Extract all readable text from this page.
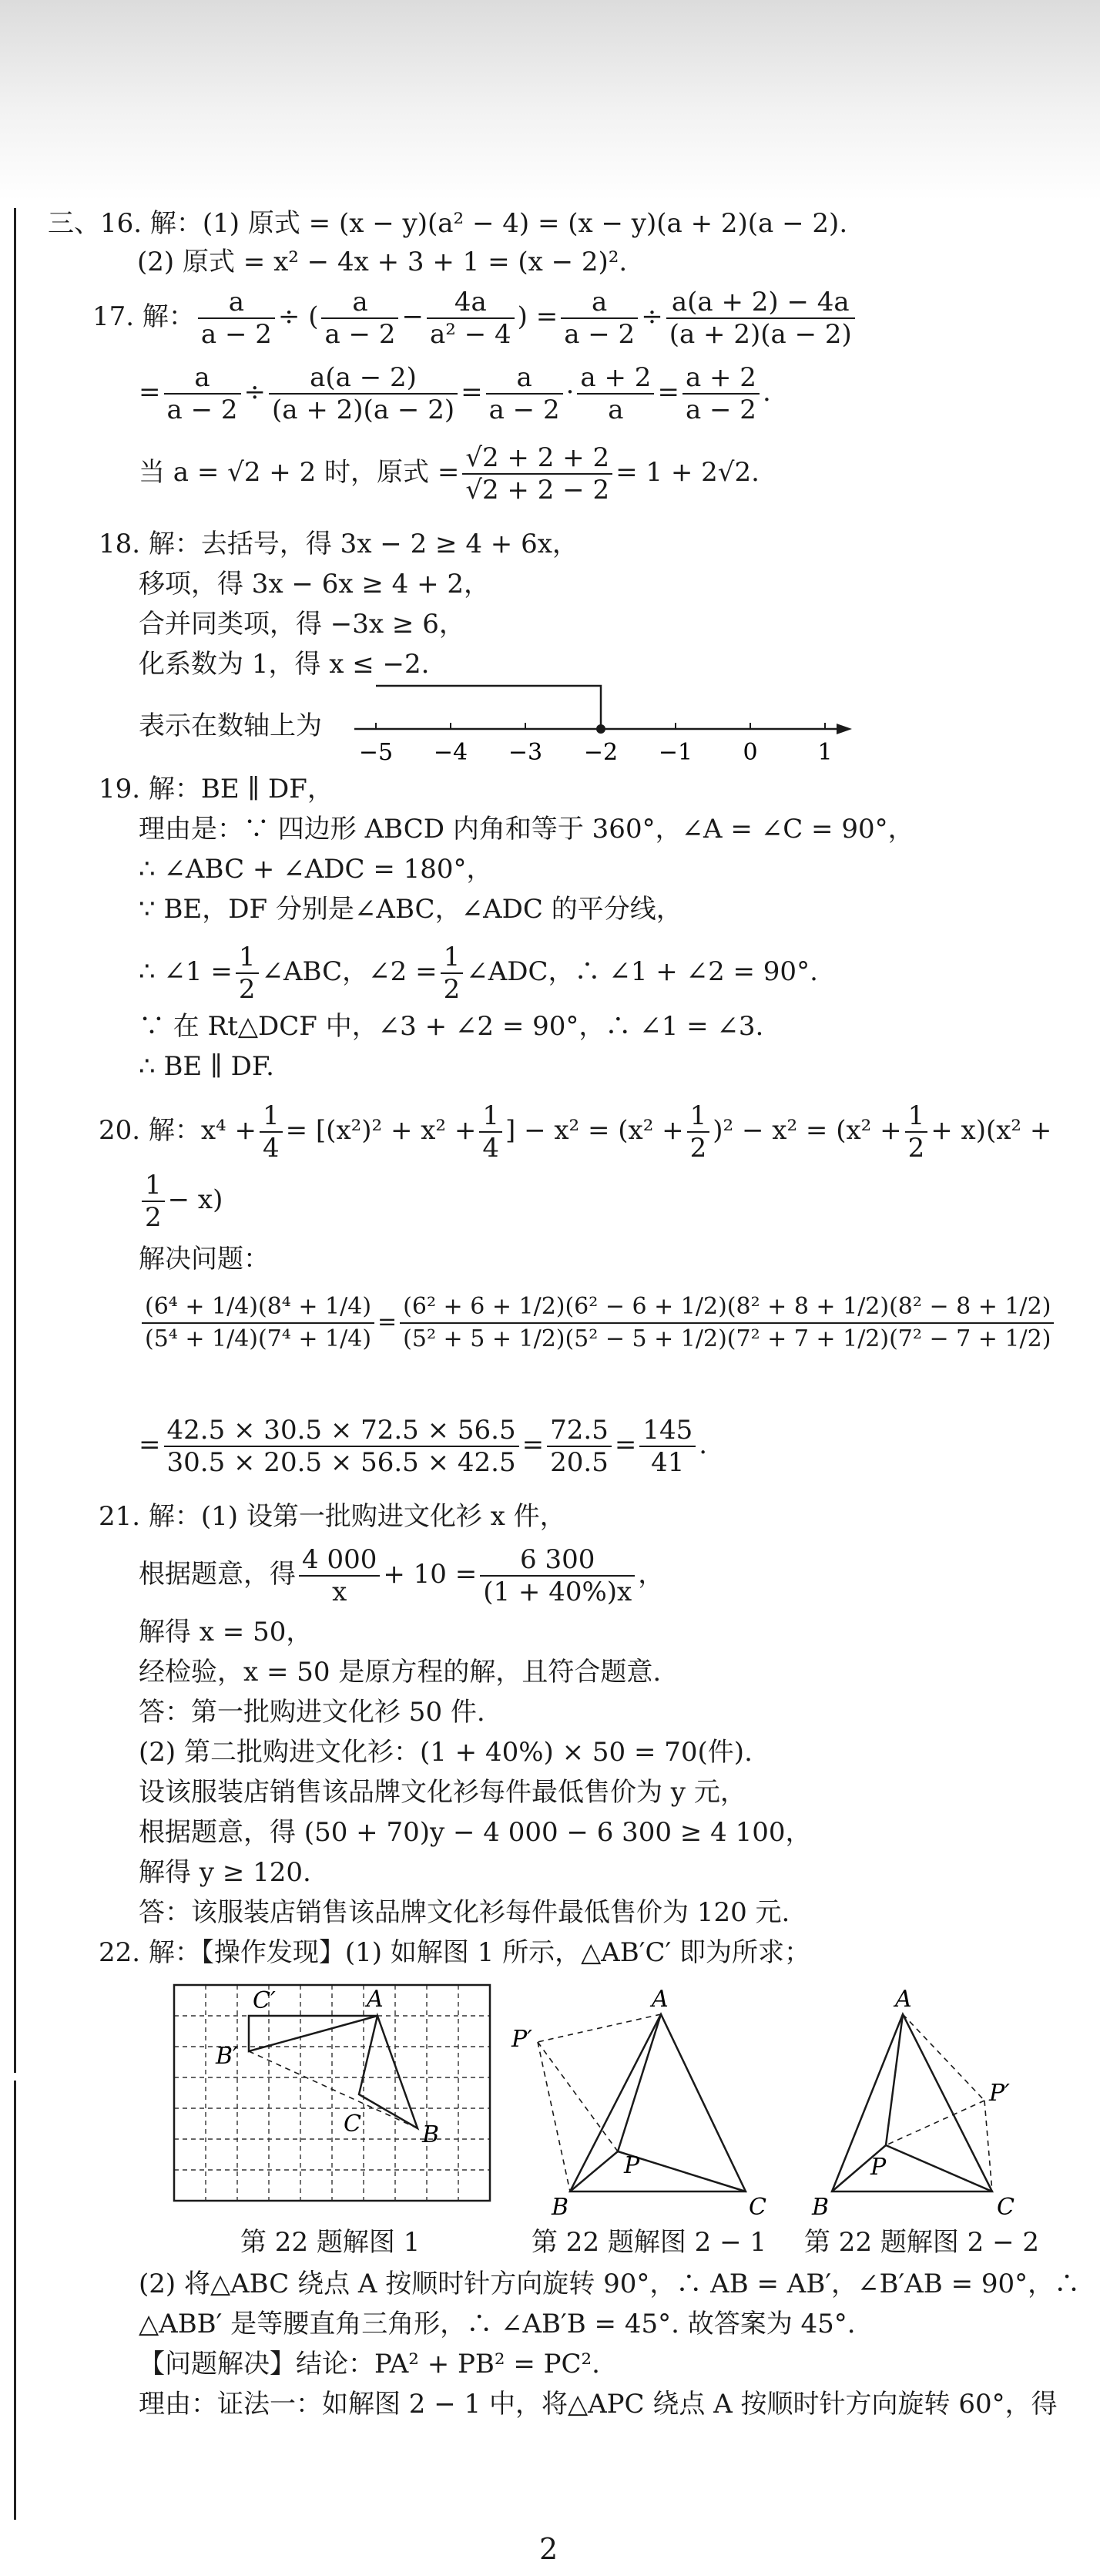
三、16. 解：(1) 原式 = (x − y)(a² − 4) = (x − y)(a + 2)(a − 2).
(2) 原式 = x² − 4x + 3 + 1 = (x − 2)².
17. 解： $\frac{a}{a - 2}$ ÷ ( $\frac{a}{a - 2} - \frac{4a}{\text{a² − 4}}$ ) = $\frac{a}{a - 2} \div \frac{a(a + 2) - 4a}{(a + 2)(a - 2)}$
= $\frac{a}{a - 2} \div \frac{a(a - 2)}{(a + 2)(a - 2)} = \frac{a}{a - 2} \cdot \frac{a + 2}{a} = \frac{a + 2}{a - 2}$ .
当 a = √2 + 2 时，原式 = $\frac{√2 + 2 + 2}{√2 + 2 - 2} = 1 + 2√2$.
18. 解：去括号，得 3x − 2 ≥ 4 + 6x，
移项，得 3x − 6x ≥ 4 + 2，
合并同类项，得 −3x ≥ 6，
化系数为 1，得 x ≤ −2.
表示在数轴上为
−5 −4 −3 −2 −1 0	1
19. 解：BE ∥ DF，
理由是：∵ 四边形 ABCD 内角和等于 360°，∠A = ∠C = 90°，
∴ ∠ABC + ∠ADC = 180°，
∵ BE，DF 分别是∠ABC，∠ADC 的平分线，
∴ ∠1 = $\frac{1}{2}$ ∠ABC，∠2 = $\frac{1}{2}$ ∠ADC，∴ ∠1 + ∠2 = 90°.
∵ 在 Rt△DCF 中，∠3 + ∠2 = 90°，∴ ∠1 = ∠3.
∴ BE ∥ DF.
20. 解：$x^4 + \frac{1}{4} = [(x^2)^2 + x^2 + \frac{1}{4}$ ] − $x^2 = (x^2 + \frac{1}{2} )^2 - x^2 = (x^2 + \frac{1}{2} + x)(x^2$ +
$\frac{1}{2} - x$)
解决问题：
$\frac{\text{(6⁴ + 1/4)(8⁴ + 1/4)}}{\text{(5⁴ + 1/4)(7⁴ + 1/4)}} = \frac{\text{(6² + 6 + 1/2)(6² − 6 + 1/2)(8² + 8 + 1/2)(8² − 8 + 1/2)}}{\text{(5² + 5 + 1/2)(5² − 5 + 1/2)(7² + 7 + 1/2)(7² − 7 + 1/2)}}$
= $\frac{42.5 \times 30.5 \times 72.5 \times 56.5}{30.5 \times 20.5 \times 56.5 \times 42.5} = \frac{72.5}{20.5} = \frac{145}{41}$ .
21. 解：(1) 设第一批购进文化衫 x 件，
根据题意，得 $\frac{4 000}{x} + 10 = \frac{6 300}{(1 + 40\%)x}$ ，
解得 x = 50，
经检验，x = 50 是原方程的解，且符合题意.
答：第一批购进文化衫 50 件.
(2) 第二批购进文化衫：(1 + 40%) × 50 = 70(件).
设该服装店销售该品牌文化衫每件最低售价为 y 元，
根据题意，得 (50 + 70)y − 4 000 − 6 300 ≥ 4 100，
解得 y ≥ 120.
答：该服装店销售该品牌文化衫每件最低售价为 120 元.
22. 解：【操作发现】(1) 如解图 1 所示，△AB′C′ 即为所求；
C′	A
B′
C	B
第 22 题解图 1
A
P′
P
B	C
第 22 题解图 2 − 1
A
P′
P
B	C
第 22 题解图 2 − 2
(2) 将△ABC 绕点 A 按顺时针方向旋转 90°，∴ AB = AB′，∠B′AB = 90°，∴
△ABB′ 是等腰直角三角形，∴ ∠AB′B = 45°. 故答案为 45°.
【问题解决】结论：PA² + PB² = PC².
理由：证法一：如解图 2 − 1 中，将△APC 绕点 A 按顺时针方向旋转 60°，得
2
